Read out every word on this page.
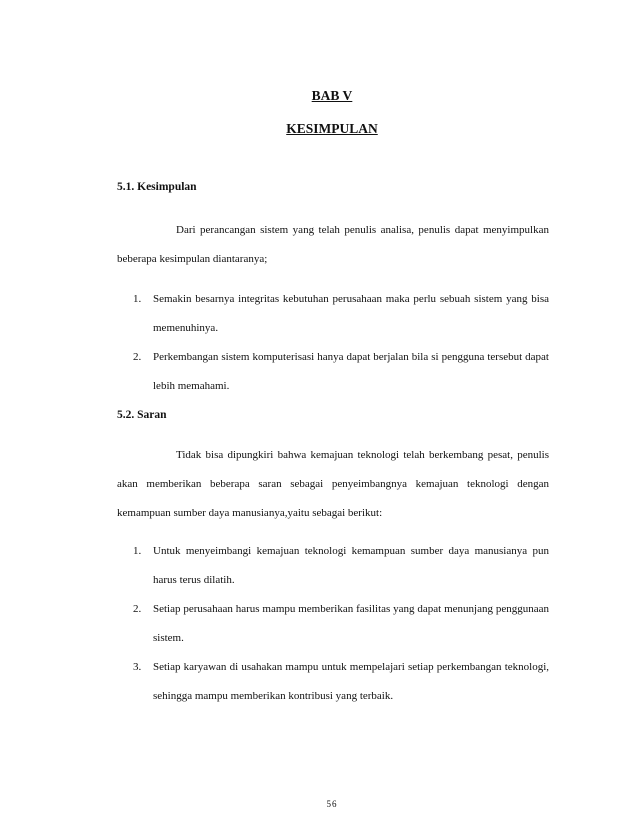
BAB V
KESIMPULAN
5.1. Kesimpulan

Dari perancangan sistem yang telah penulis analisa, penulis dapat menyimpulkan beberapa kesimpulan diantaranya;

1. Semakin besarnya integritas kebutuhan perusahaan maka perlu sebuah sistem yang bisa memenuhinya.
2. Perkembangan sistem komputerisasi hanya dapat berjalan bila si pengguna tersebut dapat lebih memahami.
5.2. Saran

Tidak bisa dipungkiri bahwa kemajuan teknologi telah berkembang pesat, penulis akan memberikan beberapa saran sebagai penyeimbangnya kemajuan teknologi dengan kemampuan sumber daya manusianya,yaitu sebagai berikut:

1. Untuk menyeimbangi kemajuan teknologi kemampuan sumber daya manusianya pun harus terus dilatih.
2. Setiap perusahaan harus mampu memberikan fasilitas yang dapat menunjang penggunaan sistem.
3. Setiap karyawan di usahakan mampu untuk mempelajari setiap perkembangan teknologi, sehingga mampu memberikan kontribusi yang terbaik.
56
